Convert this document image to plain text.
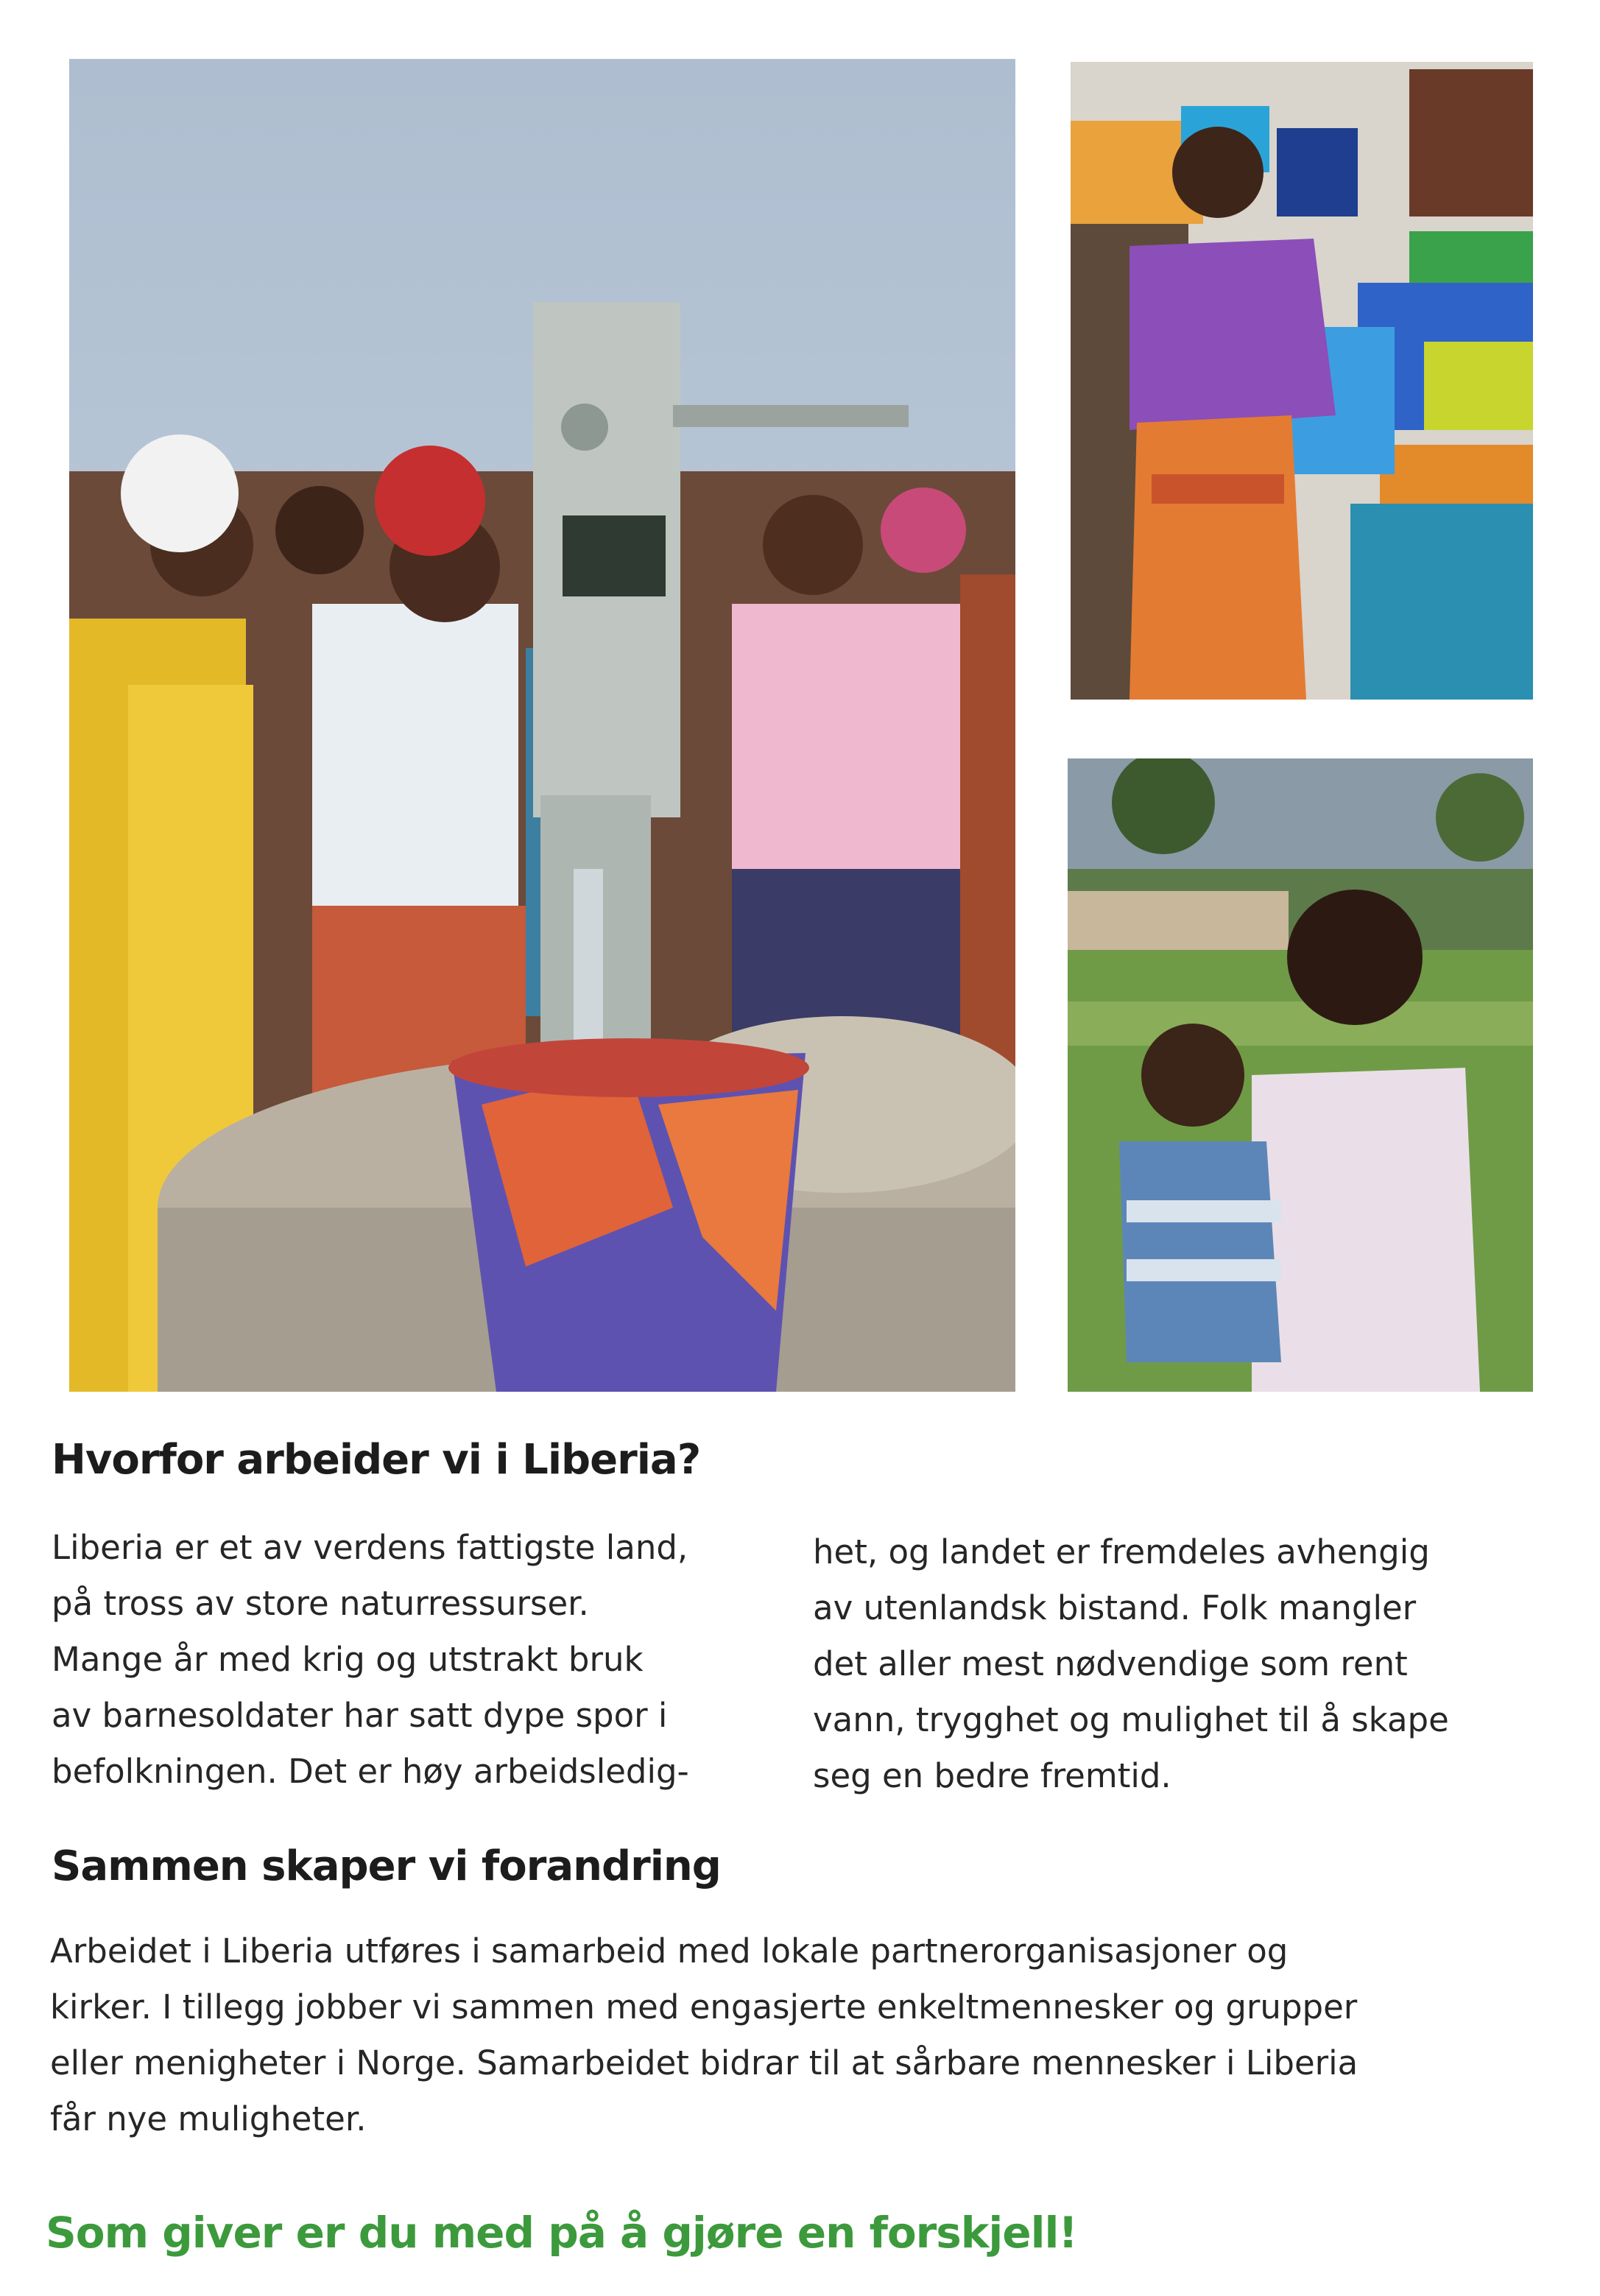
Hvorfor arbeider vi i Liberia?

Liberia er et av verdens fattigste land,
på tross av store naturressurser.
Mange år med krig og utstrakt bruk
av barnesoldater har satt dype spor i
befolkningen. Det er høy arbeidsledig-

het, og landet er fremdeles avhengig
av utenlandsk bistand. Folk mangler
det aller mest nødvendige som rent
vann, trygghet og mulighet til å skape
seg en bedre fremtid.

Sammen skaper vi forandring

Arbeidet i Liberia utføres i samarbeid med lokale partnerorganisasjoner og
kirker. I tillegg jobber vi sammen med engasjerte enkeltmennesker og grupper
eller menigheter i Norge. Samarbeidet bidrar til at sårbare mennesker i Liberia
får nye muligheter.

Som giver er du med på å gjøre en forskjell!
